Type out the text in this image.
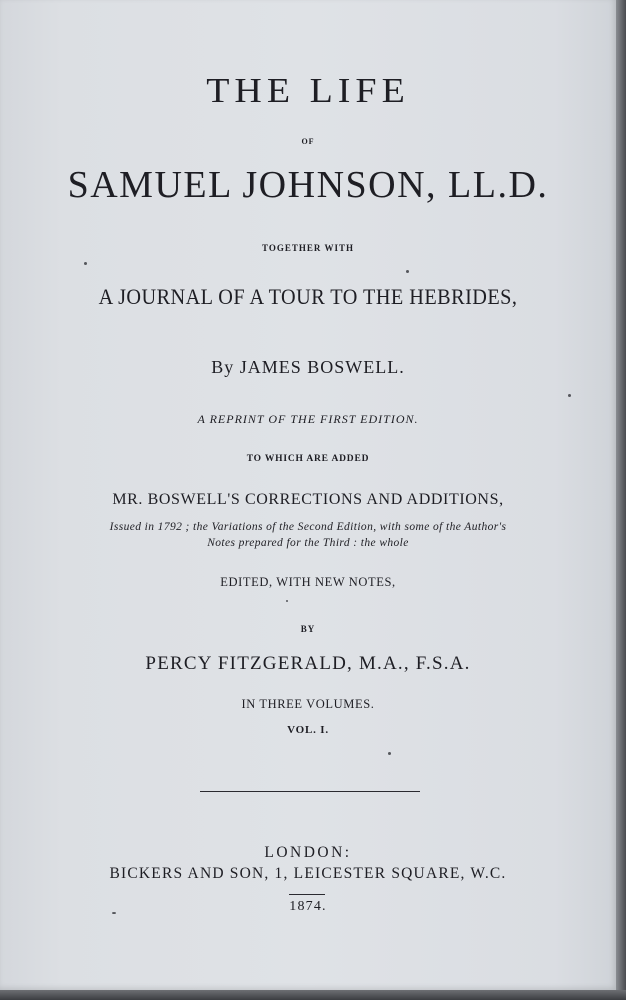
THE LIFE
OF
SAMUEL JOHNSON, LL.D.
TOGETHER WITH
A JOURNAL OF A TOUR TO THE HEBRIDES,
By JAMES BOSWELL.
A REPRINT OF THE FIRST EDITION.
TO WHICH ARE ADDED
MR. BOSWELL'S CORRECTIONS AND ADDITIONS,
Issued in 1792 ; the Variations of the Second Edition, with some of the Author's
Notes prepared for the Third : the whole
EDITED, WITH NEW NOTES,
BY
PERCY FITZGERALD, M.A., F.S.A.
IN THREE VOLUMES.
VOL. I.
LONDON:
BICKERS AND SON, 1, LEICESTER SQUARE, W.C.
1874.
